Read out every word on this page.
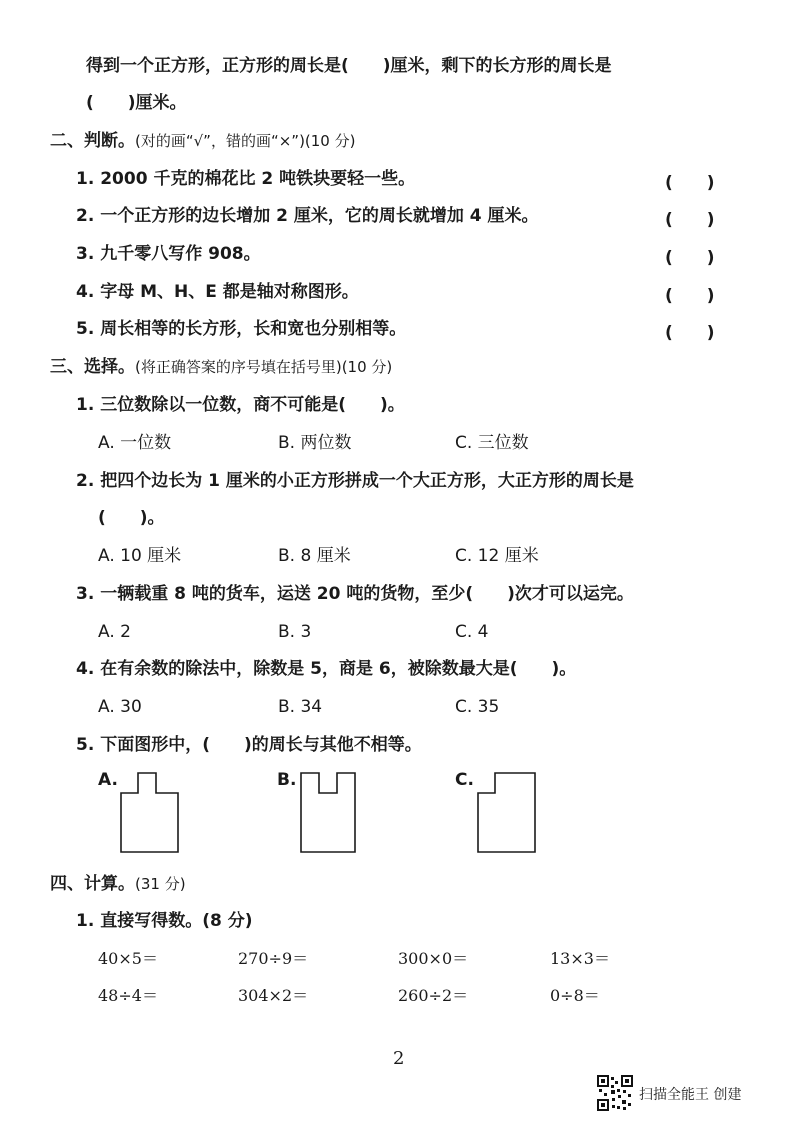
得到一个正方形，正方形的周长是(　　)厘米，剩下的长方形的周长是
(　　)厘米。
二、判断。(对的画“√”，错的画“×”)(10 分)
1. 2000 千克的棉花比 2 吨铁块要轻一些。	(　　)
2. 一个正方形的边长增加 2 厘米，它的周长就增加 4 厘米。	(　　)
3. 九千零八写作 908。	(　　)
4. 字母 M、H、E 都是轴对称图形。	(　　)
5. 周长相等的长方形，长和宽也分别相等。	(　　)
三、选择。(将正确答案的序号填在括号里)(10 分)
1. 三位数除以一位数，商不可能是(　　)。
A. 一位数	B. 两位数	C. 三位数
2. 把四个边长为 1 厘米的小正方形拼成一个大正方形，大正方形的周长是
(　　)。
A. 10 厘米	B. 8 厘米	C. 12 厘米
3. 一辆载重 8 吨的货车，运送 20 吨的货物，至少(　　)次才可以运完。
A. 2	B. 3	C. 4
4. 在有余数的除法中，除数是 5，商是 6，被除数最大是(　　)。
A. 30	B. 34	C. 35
5. 下面图形中，(　　)的周长与其他不相等。
A.	B.	C.
四、计算。(31 分)
1. 直接写得数。(8 分)
40×5＝	270÷9＝	300×0＝	13×3＝
48÷4＝	304×2＝	260÷2＝	0÷8＝
2
扫描全能王 创建
